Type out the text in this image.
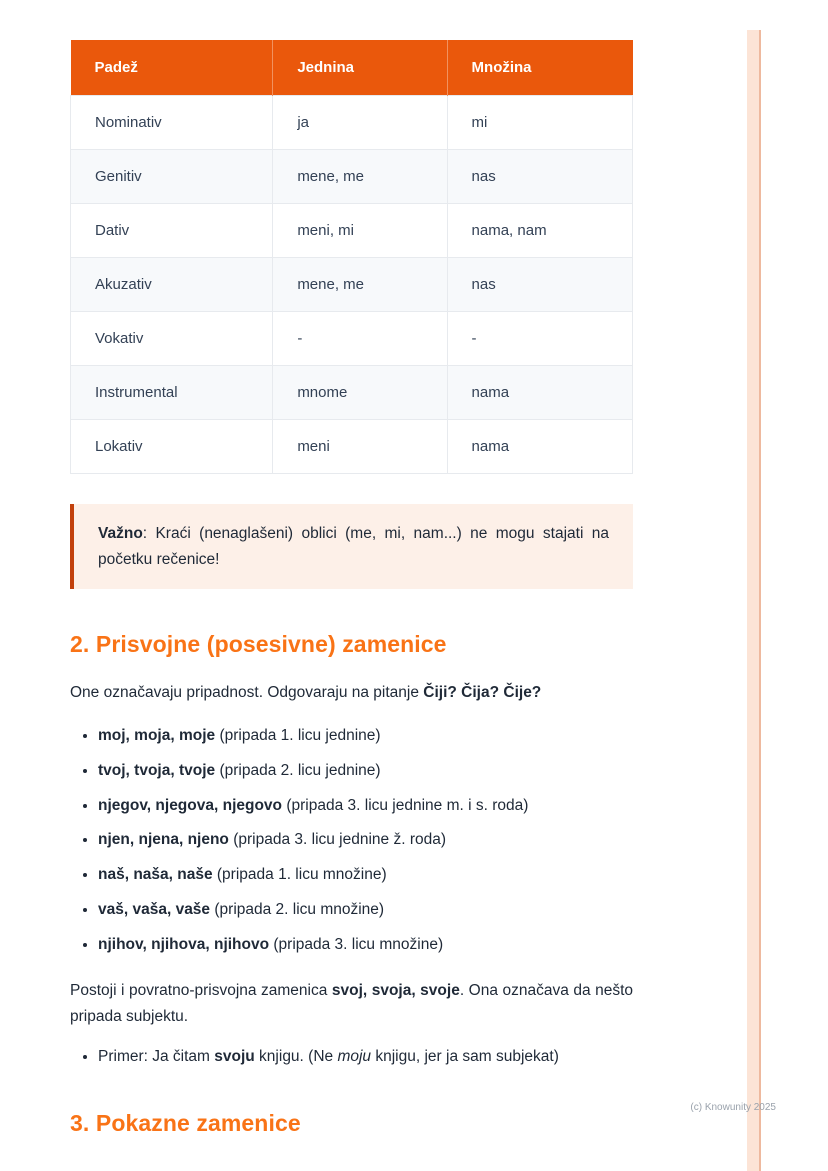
Padež	Jednina	Množina
Nominativ	ja	mi
Genitiv	mene, me	nas
Dativ	meni, mi	nama, nam
Akuzativ	mene, me	nas
Vokativ	-	-
Instrumental	mnome	nama
Lokativ	meni	nama
Važno: Kraći (nenaglašeni) oblici (me, mi, nam...) ne mogu stajati na početku rečenice!
2. Prisvojne (posesivne) zamenice

One označavaju pripadnost. Odgovaraju na pitanje Čiji? Čija? Čije?

• moj, moja, moje (pripada 1. licu jednine)
• tvoj, tvoja, tvoje (pripada 2. licu jednine)
• njegov, njegova, njegovo (pripada 3. licu jednine m. i s. roda)
• njen, njena, njeno (pripada 3. licu jednine ž. roda)
• naš, naša, naše (pripada 1. licu množine)
• vaš, vaša, vaše (pripada 2. licu množine)
• njihov, njihova, njihovo (pripada 3. licu množine)

Postoji i povratno-prisvojna zamenica svoj, svoja, svoje. Ona označava da nešto pripada subjektu.

• Primer: Ja čitam svoju knjigu. (Ne moju knjigu, jer ja sam subjekat)
3. Pokazne zamenice
(c) Knowunity 2025
